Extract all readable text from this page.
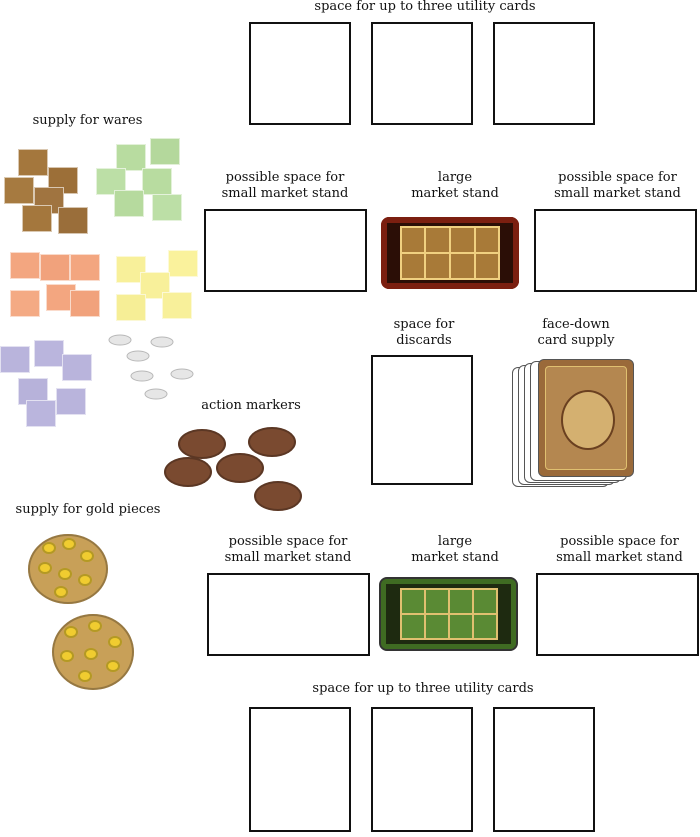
space for up to three utility cards
supply for wares
action markers
possible space for
small market stand
large
market stand
possible space for
small market stand
space for
discards
face-down
card supply
supply for gold pieces
possible space for
small market stand
large
market stand
possible space for
small market stand
space for up to three utility cards
